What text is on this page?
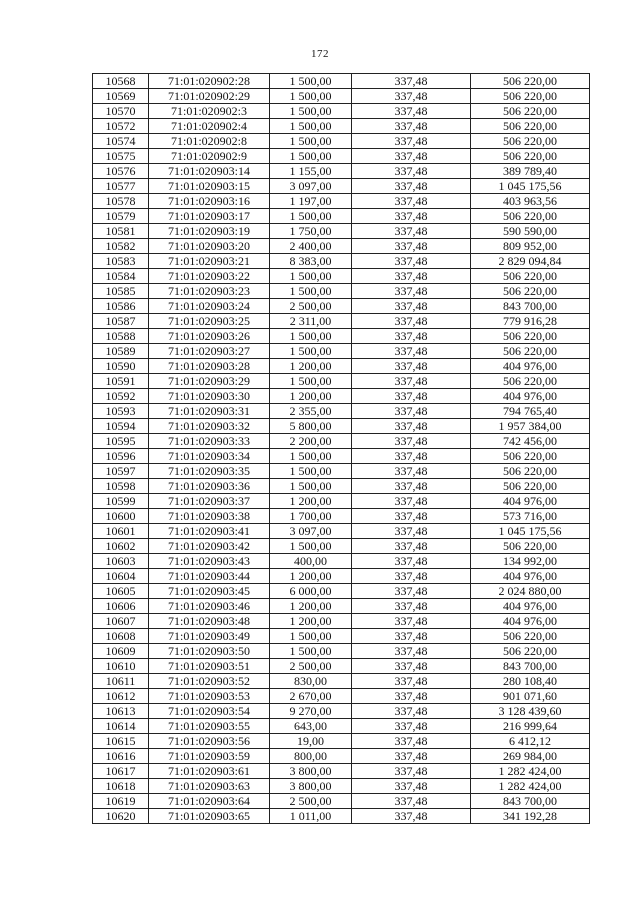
172
10568	71:01:020902:28	1 500,00	337,48	506 220,00
10569	71:01:020902:29	1 500,00	337,48	506 220,00
10570	71:01:020902:3	1 500,00	337,48	506 220,00
10572	71:01:020902:4	1 500,00	337,48	506 220,00
10574	71:01:020902:8	1 500,00	337,48	506 220,00
10575	71:01:020902:9	1 500,00	337,48	506 220,00
10576	71:01:020903:14	1 155,00	337,48	389 789,40
10577	71:01:020903:15	3 097,00	337,48	1 045 175,56
10578	71:01:020903:16	1 197,00	337,48	403 963,56
10579	71:01:020903:17	1 500,00	337,48	506 220,00
10581	71:01:020903:19	1 750,00	337,48	590 590,00
10582	71:01:020903:20	2 400,00	337,48	809 952,00
10583	71:01:020903:21	8 383,00	337,48	2 829 094,84
10584	71:01:020903:22	1 500,00	337,48	506 220,00
10585	71:01:020903:23	1 500,00	337,48	506 220,00
10586	71:01:020903:24	2 500,00	337,48	843 700,00
10587	71:01:020903:25	2 311,00	337,48	779 916,28
10588	71:01:020903:26	1 500,00	337,48	506 220,00
10589	71:01:020903:27	1 500,00	337,48	506 220,00
10590	71:01:020903:28	1 200,00	337,48	404 976,00
10591	71:01:020903:29	1 500,00	337,48	506 220,00
10592	71:01:020903:30	1 200,00	337,48	404 976,00
10593	71:01:020903:31	2 355,00	337,48	794 765,40
10594	71:01:020903:32	5 800,00	337,48	1 957 384,00
10595	71:01:020903:33	2 200,00	337,48	742 456,00
10596	71:01:020903:34	1 500,00	337,48	506 220,00
10597	71:01:020903:35	1 500,00	337,48	506 220,00
10598	71:01:020903:36	1 500,00	337,48	506 220,00
10599	71:01:020903:37	1 200,00	337,48	404 976,00
10600	71:01:020903:38	1 700,00	337,48	573 716,00
10601	71:01:020903:41	3 097,00	337,48	1 045 175,56
10602	71:01:020903:42	1 500,00	337,48	506 220,00
10603	71:01:020903:43	400,00	337,48	134 992,00
10604	71:01:020903:44	1 200,00	337,48	404 976,00
10605	71:01:020903:45	6 000,00	337,48	2 024 880,00
10606	71:01:020903:46	1 200,00	337,48	404 976,00
10607	71:01:020903:48	1 200,00	337,48	404 976,00
10608	71:01:020903:49	1 500,00	337,48	506 220,00
10609	71:01:020903:50	1 500,00	337,48	506 220,00
10610	71:01:020903:51	2 500,00	337,48	843 700,00
10611	71:01:020903:52	830,00	337,48	280 108,40
10612	71:01:020903:53	2 670,00	337,48	901 071,60
10613	71:01:020903:54	9 270,00	337,48	3 128 439,60
10614	71:01:020903:55	643,00	337,48	216 999,64
10615	71:01:020903:56	19,00	337,48	6 412,12
10616	71:01:020903:59	800,00	337,48	269 984,00
10617	71:01:020903:61	3 800,00	337,48	1 282 424,00
10618	71:01:020903:63	3 800,00	337,48	1 282 424,00
10619	71:01:020903:64	2 500,00	337,48	843 700,00
10620	71:01:020903:65	1 011,00	337,48	341 192,28
